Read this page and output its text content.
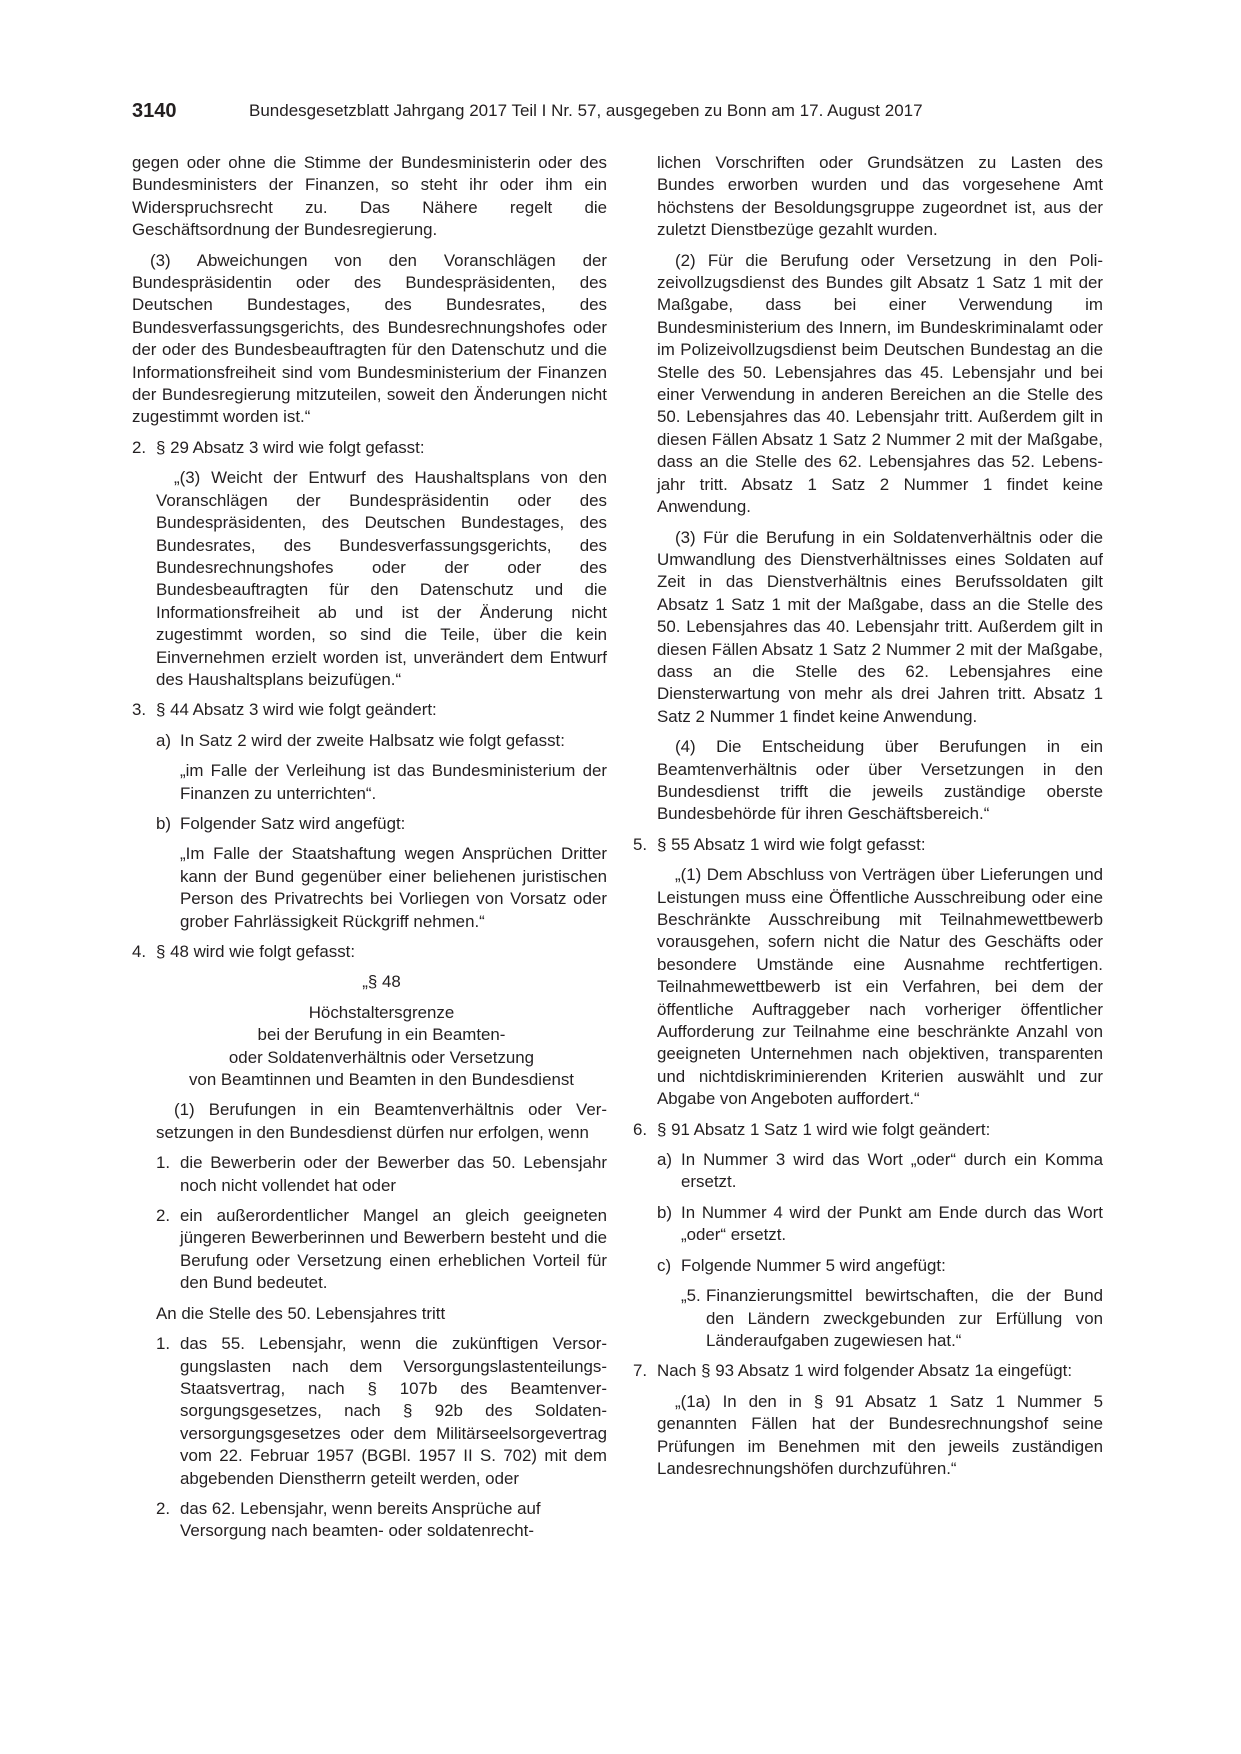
3140	Bundesgesetzblatt Jahrgang 2017 Teil I Nr. 57, ausgegeben zu Bonn am 17. August 2017

gegen oder ohne die Stimme der Bundesministerin oder des Bundesministers der Finanzen, so steht ihr oder ihm ein Widerspruchsrecht zu. Das Nähere regelt die Geschäftsordnung der Bundesregierung.

(3) Abweichungen von den Voranschlägen der Bundespräsidentin oder des Bundespräsidenten, des Deutschen Bundestages, des Bundesrates, des Bundesverfassungsgerichts, des Bundesrechnungshofes oder der oder des Bundesbeauftragten für den Datenschutz und die Informationsfreiheit sind vom Bundesministerium der Finanzen der Bundesregierung mitzuteilen, soweit den Änderungen nicht zugestimmt worden ist.“

2. § 29 Absatz 3 wird wie folgt gefasst:

„(3) Weicht der Entwurf des Haushaltsplans von den Voranschlägen der Bundespräsidentin oder des Bundespräsidenten, des Deutschen Bundestages, des Bundesrates, des Bundesverfassungsgerichts, des Bundesrechnungshofes oder der oder des Bundesbeauftragten für den Datenschutz und die Informationsfreiheit ab und ist der Änderung nicht zugestimmt worden, so sind die Teile, über die kein Einvernehmen erzielt worden ist, unverändert dem Entwurf des Haushaltsplans beizufügen.“

3. § 44 Absatz 3 wird wie folgt geändert:

a) In Satz 2 wird der zweite Halbsatz wie folgt gefasst:

„im Falle der Verleihung ist das Bundesministerium der Finanzen zu unterrichten“.

b) Folgender Satz wird angefügt:

„Im Falle der Staatshaftung wegen Ansprüchen Dritter kann der Bund gegenüber einer beliehenen juristischen Person des Privatrechts bei Vorliegen von Vorsatz oder grober Fahrlässigkeit Rückgriff nehmen.“

4. § 48 wird wie folgt gefasst:

„§ 48

Höchstaltersgrenze

bei der Berufung in ein Beamten-

oder Soldatenverhältnis oder Versetzung

von Beamtinnen und Beamten in den Bundesdienst

(1) Berufungen in ein Beamtenverhältnis oder Versetzungen in den Bundesdienst dürfen nur erfolgen, wenn

1. die Bewerberin oder der Bewerber das 50. Lebensjahr noch nicht vollendet hat oder

2. ein außerordentlicher Mangel an gleich geeigneten jüngeren Bewerberinnen und Bewerbern besteht und die Berufung oder Versetzung einen erheblichen Vorteil für den Bund bedeutet.

An die Stelle des 50. Lebensjahres tritt

1. das 55. Lebensjahr, wenn die zukünftigen Versorgungslasten nach dem Versorgungslastenteilungs-Staatsvertrag, nach § 107b des Beamtenversorgungsgesetzes, nach § 92b des Soldatenversorgungsgesetzes oder dem Militärseelsorgevertrag vom 22. Februar 1957 (BGBl. 1957 II S. 702) mit dem abgebenden Dienstherrn geteilt werden, oder

2. das 62. Lebensjahr, wenn bereits Ansprüche auf Versorgung nach beamten- oder soldatenrecht-

lichen Vorschriften oder Grundsätzen zu Lasten des Bundes erworben wurden und das vorgesehene Amt höchstens der Besoldungsgruppe zugeordnet ist, aus der zuletzt Dienstbezüge gezahlt wurden.

(2) Für die Berufung oder Versetzung in den Polizeivollzugsdienst des Bundes gilt Absatz 1 Satz 1 mit der Maßgabe, dass bei einer Verwendung im Bundesministerium des Innern, im Bundeskriminalamt oder im Polizeivollzugsdienst beim Deutschen Bundestag an die Stelle des 50. Lebensjahres das 45. Lebensjahr und bei einer Verwendung in anderen Bereichen an die Stelle des 50. Lebensjahres das 40. Lebensjahr tritt. Außerdem gilt in diesen Fällen Absatz 1 Satz 2 Nummer 2 mit der Maßgabe, dass an die Stelle des 62. Lebensjahres das 52. Lebensjahr tritt. Absatz 1 Satz 2 Nummer 1 findet keine Anwendung.

(3) Für die Berufung in ein Soldatenverhältnis oder die Umwandlung des Dienstverhältnisses eines Soldaten auf Zeit in das Dienstverhältnis eines Berufssoldaten gilt Absatz 1 Satz 1 mit der Maßgabe, dass an die Stelle des 50. Lebensjahres das 40. Lebensjahr tritt. Außerdem gilt in diesen Fällen Absatz 1 Satz 2 Nummer 2 mit der Maßgabe, dass an die Stelle des 62. Lebensjahres eine Diensterwartung von mehr als drei Jahren tritt. Absatz 1 Satz 2 Nummer 1 findet keine Anwendung.

(4) Die Entscheidung über Berufungen in ein Beamtenverhältnis oder über Versetzungen in den Bundesdienst trifft die jeweils zuständige oberste Bundesbehörde für ihren Geschäftsbereich.“

5. § 55 Absatz 1 wird wie folgt gefasst:

„(1) Dem Abschluss von Verträgen über Lieferungen und Leistungen muss eine Öffentliche Ausschreibung oder eine Beschränkte Ausschreibung mit Teilnahmewettbewerb vorausgehen, sofern nicht die Natur des Geschäfts oder besondere Umstände eine Ausnahme rechtfertigen. Teilnahmewettbewerb ist ein Verfahren, bei dem der öffentliche Auftraggeber nach vorheriger öffentlicher Aufforderung zur Teilnahme eine beschränkte Anzahl von geeigneten Unternehmen nach objektiven, transparenten und nichtdiskriminierenden Kriterien auswählt und zur Abgabe von Angeboten auffordert.“

6. § 91 Absatz 1 Satz 1 wird wie folgt geändert:

a) In Nummer 3 wird das Wort „oder“ durch ein Komma ersetzt.

b) In Nummer 4 wird der Punkt am Ende durch das Wort „oder“ ersetzt.

c) Folgende Nummer 5 wird angefügt:

„5. Finanzierungsmittel bewirtschaften, die der Bund den Ländern zweckgebunden zur Erfüllung von Länderaufgaben zugewiesen hat.“

7. Nach § 93 Absatz 1 wird folgender Absatz 1a eingefügt:

„(1a) In den in § 91 Absatz 1 Satz 1 Nummer 5 genannten Fällen hat der Bundesrechnungshof seine Prüfungen im Benehmen mit den jeweils zuständigen Landesrechnungshöfen durchzuführen.“
